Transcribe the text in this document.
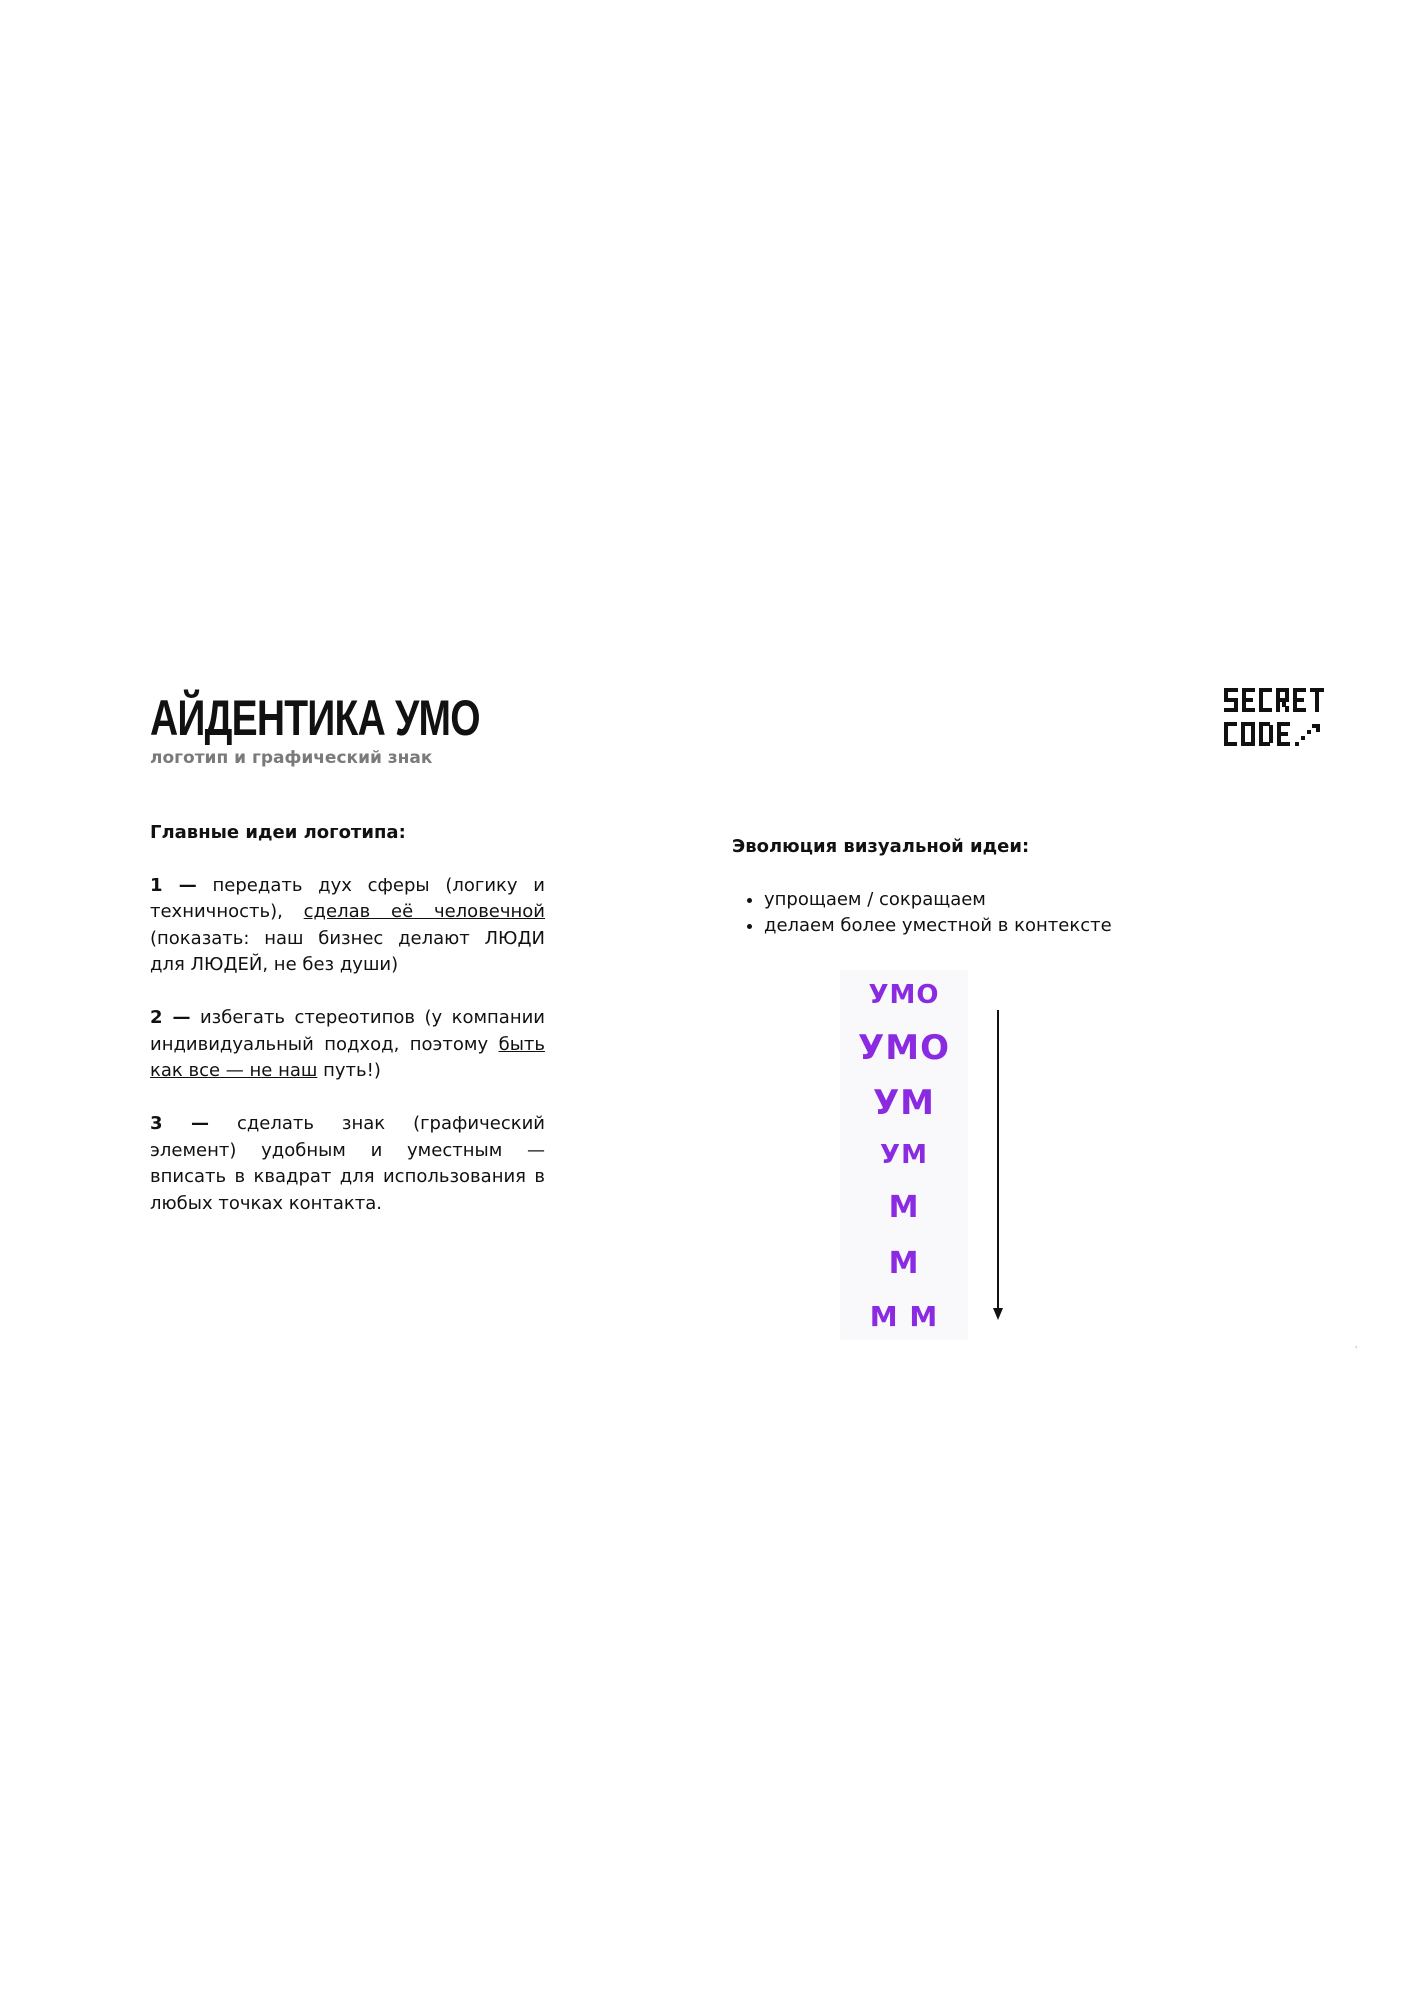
АЙДЕНТИКА УМО
логотип и графический знак
Главные идеи логотипа:

1 — передать дух сферы (логику и техничность), сделав её человечной (показать: наш бизнес делают ЛЮДИ для ЛЮДЕЙ, не без души)

2 — избегать стереотипов (у компании индивидуальный подход, поэтому быть как все — не наш путь!)

3 — сделать знак (графический элемент) удобным и уместным — вписать в квадрат для использования в любых точках контакта.

Эволюция визуальной идеи:
• упрощаем / сокращаем
• делаем более уместной в контексте
УМО
УМО
УМ
УМ
М
М
М М
‹
